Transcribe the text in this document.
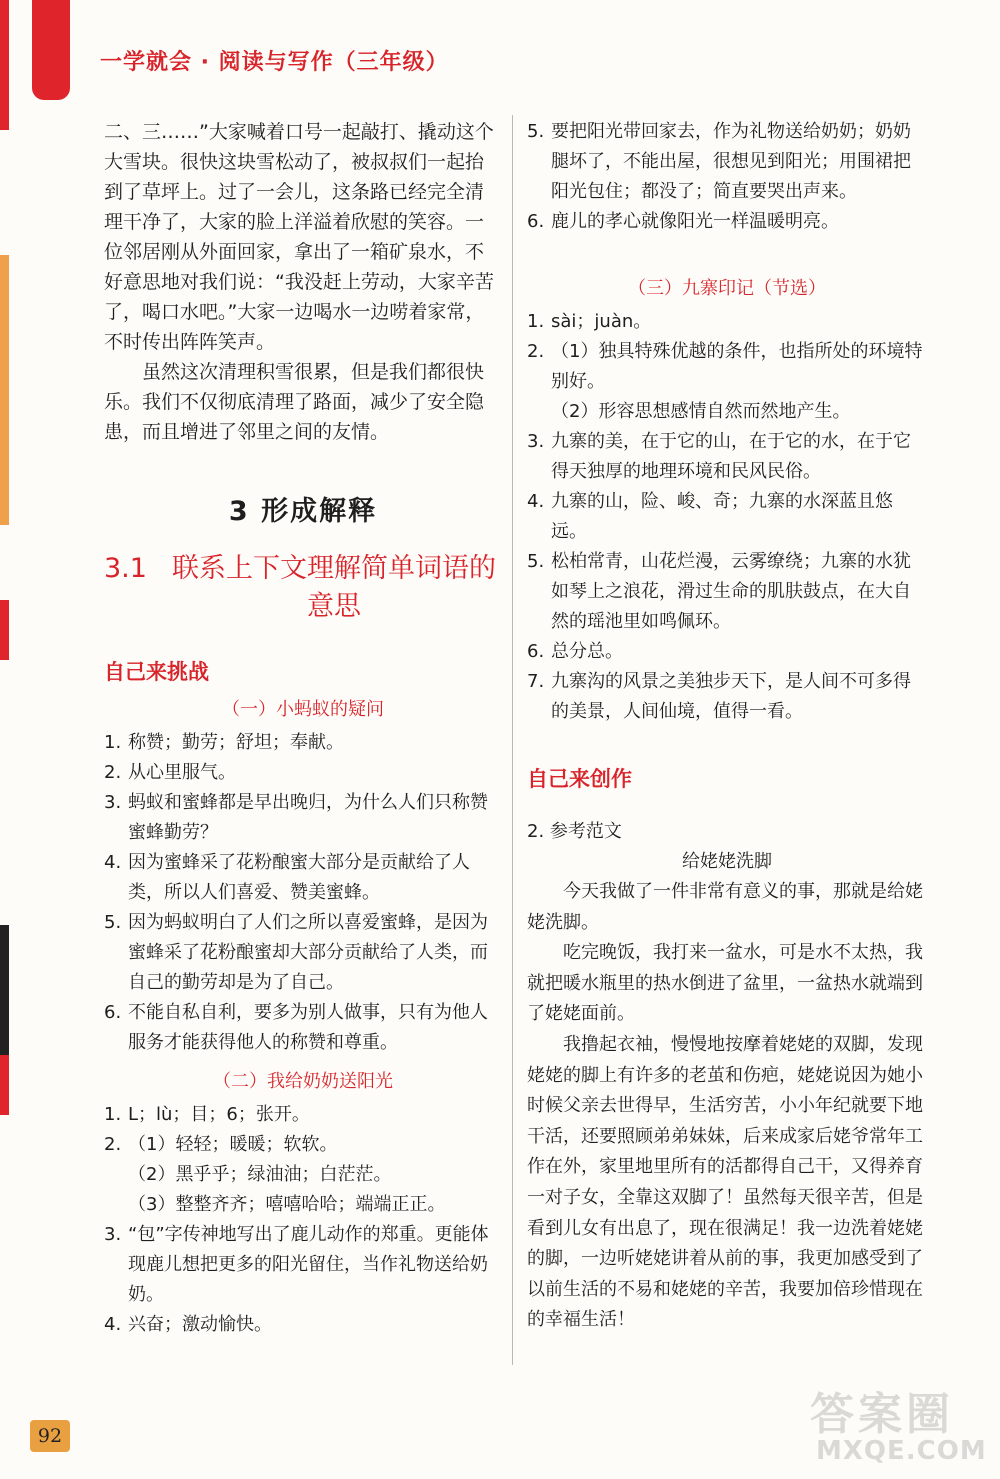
一学就会 · 阅读与写作（三年级）

二、三……”大家喊着口号一起敲打、撬动这个大雪块。很快这块雪松动了，被叔叔们一起抬到了草坪上。过了一会儿，这条路已经完全清理干净了，大家的脸上洋溢着欣慰的笑容。一位邻居刚从外面回家，拿出了一箱矿泉水，不好意思地对我们说：“我没赶上劳动，大家辛苦了，喝口水吧。”大家一边喝水一边唠着家常，不时传出阵阵笑声。

虽然这次清理积雪很累，但是我们都很快乐。我们不仅彻底清理了路面，减少了安全隐患，而且增进了邻里之间的友情。

3 形成解释
3.1 联系上下文理解简单词语的意思
自己来挑战
（一）小蚂蚁的疑问
1. 称赞；勤劳；舒坦；奉献。
2. 从心里服气。
3. 蚂蚁和蜜蜂都是早出晚归，为什么人们只称赞蜜蜂勤劳？
4. 因为蜜蜂采了花粉酿蜜大部分是贡献给了人类，所以人们喜爱、赞美蜜蜂。
5. 因为蚂蚁明白了人们之所以喜爱蜜蜂，是因为蜜蜂采了花粉酿蜜却大部分贡献给了人类，而自己的勤劳却是为了自己。
6. 不能自私自利，要多为别人做事，只有为他人服务才能获得他人的称赞和尊重。
（二）我给奶奶送阳光
1. L；lù；目；6；张开。
2. （1）轻轻；暖暖；软软。
（2）黑乎乎；绿油油；白茫茫。
（3）整整齐齐；嘻嘻哈哈；端端正正。
3. “包”字传神地写出了鹿儿动作的郑重。更能体现鹿儿想把更多的阳光留住，当作礼物送给奶奶。
4. 兴奋；激动愉快。
5. 要把阳光带回家去，作为礼物送给奶奶；奶奶腿坏了，不能出屋，很想见到阳光；用围裙把阳光包住；都没了；简直要哭出声来。
6. 鹿儿的孝心就像阳光一样温暖明亮。
（三）九寨印记（节选）
1. sài；juàn。
2. （1）独具特殊优越的条件，也指所处的环境特别好。
（2）形容思想感情自然而然地产生。
3. 九寨的美，在于它的山，在于它的水，在于它得天独厚的地理环境和民风民俗。
4. 九寨的山，险、峻、奇；九寨的水深蓝且悠远。
5. 松柏常青，山花烂漫，云雾缭绕；九寨的水犹如琴上之浪花，滑过生命的肌肤鼓点，在大自然的瑶池里如鸣佩环。
6. 总分总。
7. 九寨沟的风景之美独步天下，是人间不可多得的美景，人间仙境，值得一看。
自己来创作
2. 参考范文
给姥姥洗脚

今天我做了一件非常有意义的事，那就是给姥姥洗脚。

吃完晚饭，我打来一盆水，可是水不太热，我就把暖水瓶里的热水倒进了盆里，一盆热水就端到了姥姥面前。

我撸起衣袖，慢慢地按摩着姥姥的双脚，发现姥姥的脚上有许多的老茧和伤疤，姥姥说因为她小时候父亲去世得早，生活穷苦，小小年纪就要下地干活，还要照顾弟弟妹妹，后来成家后姥爷常年工作在外，家里地里所有的活都得自己干，又得养育一对子女，全靠这双脚了！虽然每天很辛苦，但是看到儿女有出息了，现在很满足！我一边洗着姥姥的脚，一边听姥姥讲着从前的事，我更加感受到了以前生活的不易和姥姥的辛苦，我要加倍珍惜现在的幸福生活！

92	答案圈
MXQE.COM
